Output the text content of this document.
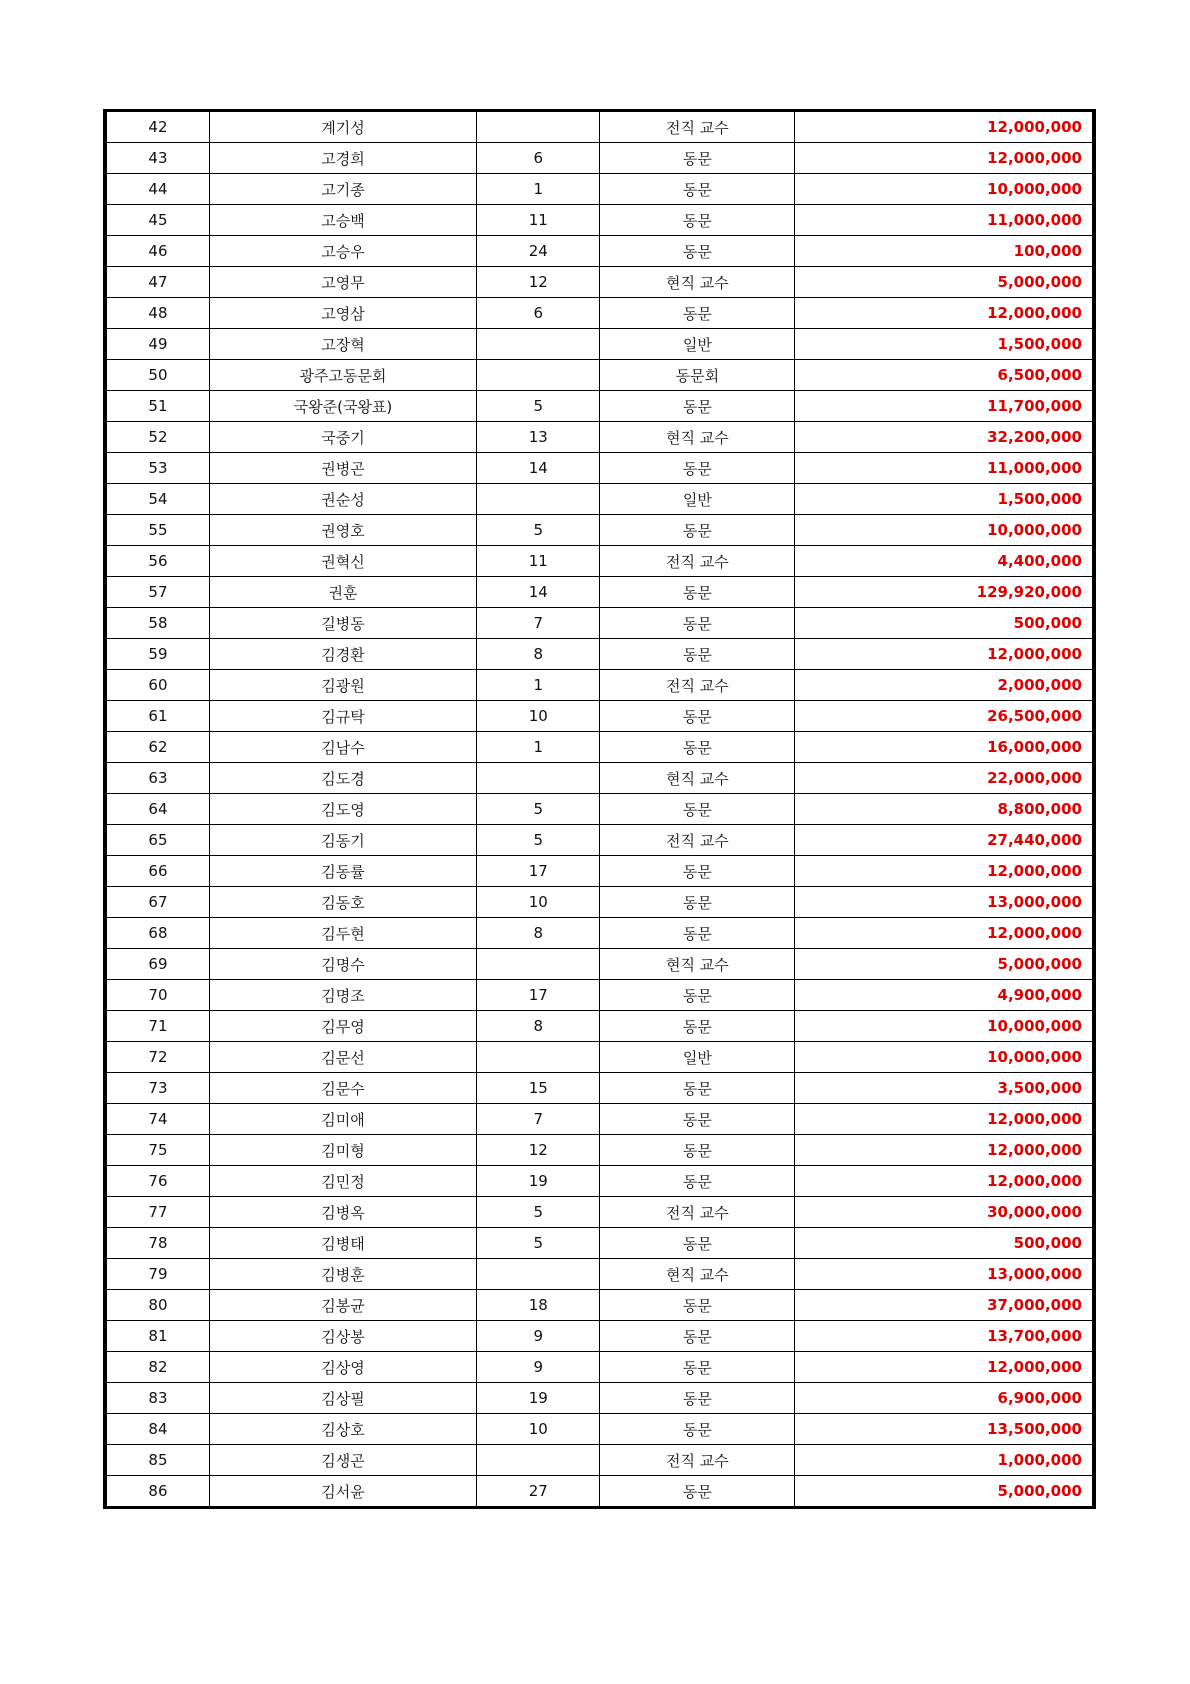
42	계기성		전직 교수	12,000,000
43	고경희	6	동문	12,000,000
44	고기종	1	동문	10,000,000
45	고승백	11	동문	11,000,000
46	고승우	24	동문	100,000
47	고영무	12	현직 교수	5,000,000
48	고영삼	6	동문	12,000,000
49	고장혁		일반	1,500,000
50	광주고동문회		동문회	6,500,000
51	국왕준(국왕표)	5	동문	11,700,000
52	국중기	13	현직 교수	32,200,000
53	권병곤	14	동문	11,000,000
54	권순성		일반	1,500,000
55	권영호	5	동문	10,000,000
56	권혁신	11	전직 교수	4,400,000
57	권훈	14	동문	129,920,000
58	길병동	7	동문	500,000
59	김경환	8	동문	12,000,000
60	김광원	1	전직 교수	2,000,000
61	김규탁	10	동문	26,500,000
62	김남수	1	동문	16,000,000
63	김도경		현직 교수	22,000,000
64	김도영	5	동문	8,800,000
65	김동기	5	전직 교수	27,440,000
66	김동률	17	동문	12,000,000
67	김동호	10	동문	13,000,000
68	김두현	8	동문	12,000,000
69	김명수		현직 교수	5,000,000
70	김명조	17	동문	4,900,000
71	김무영	8	동문	10,000,000
72	김문선		일반	10,000,000
73	김문수	15	동문	3,500,000
74	김미애	7	동문	12,000,000
75	김미형	12	동문	12,000,000
76	김민정	19	동문	12,000,000
77	김병옥	5	전직 교수	30,000,000
78	김병태	5	동문	500,000
79	김병훈		현직 교수	13,000,000
80	김봉균	18	동문	37,000,000
81	김상봉	9	동문	13,700,000
82	김상영	9	동문	12,000,000
83	김상필	19	동문	6,900,000
84	김상호	10	동문	13,500,000
85	김생곤		전직 교수	1,000,000
86	김서윤	27	동문	5,000,000
